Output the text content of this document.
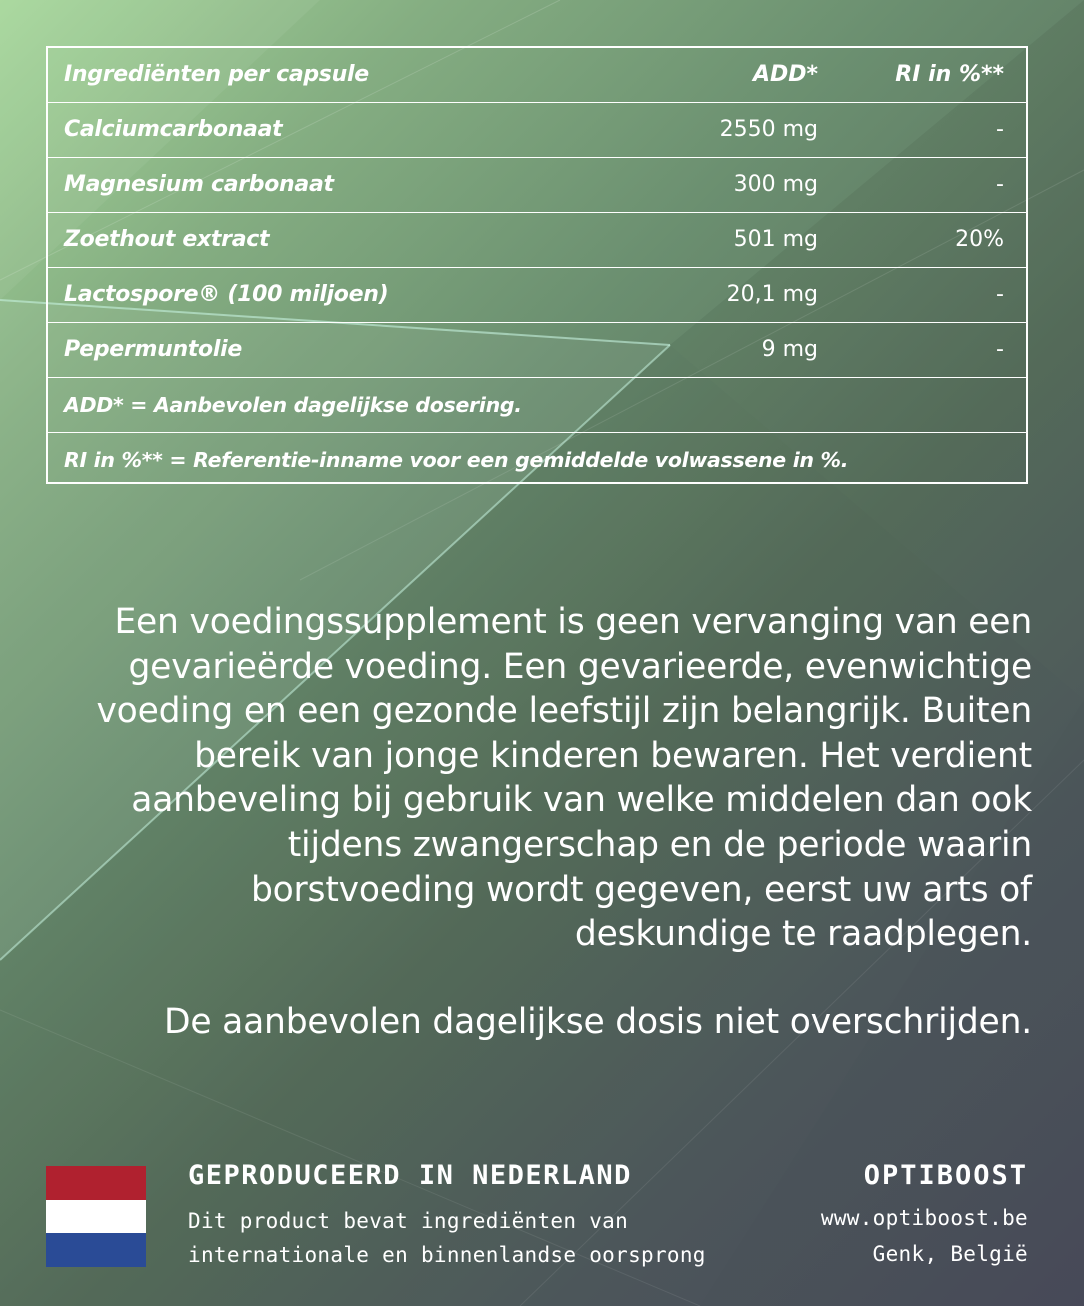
Ingrediënten per capsule	ADD*	RI in %**
Calciumcarbonaat	2550 mg	-
Magnesium carbonaat	300 mg	-
Zoethout extract	501 mg	20%
Lactospore® (100 miljoen)	20,1 mg	-
Pepermuntolie	9 mg	-
ADD* = Aanbevolen dagelijkse dosering.
RI in %** = Referentie-inname voor een gemiddelde volwassene in %.
Een voedingssupplement is geen vervanging van een
gevarieërde voeding. Een gevarieerde, evenwichtige
voeding en een gezonde leefstijl zijn belangrijk. Buiten
bereik van jonge kinderen bewaren. Het verdient
aanbeveling bij gebruik van welke middelen dan ook
tijdens zwangerschap en de periode waarin
borstvoeding wordt gegeven, eerst uw arts of
deskundige te raadplegen.
De aanbevolen dagelijkse dosis niet overschrijden.
GEPRODUCEERD IN NEDERLAND
Dit product bevat ingrediënten van
internationale en binnenlandse oorsprong
OPTIBOOST
www.optiboost.be
Genk, België
